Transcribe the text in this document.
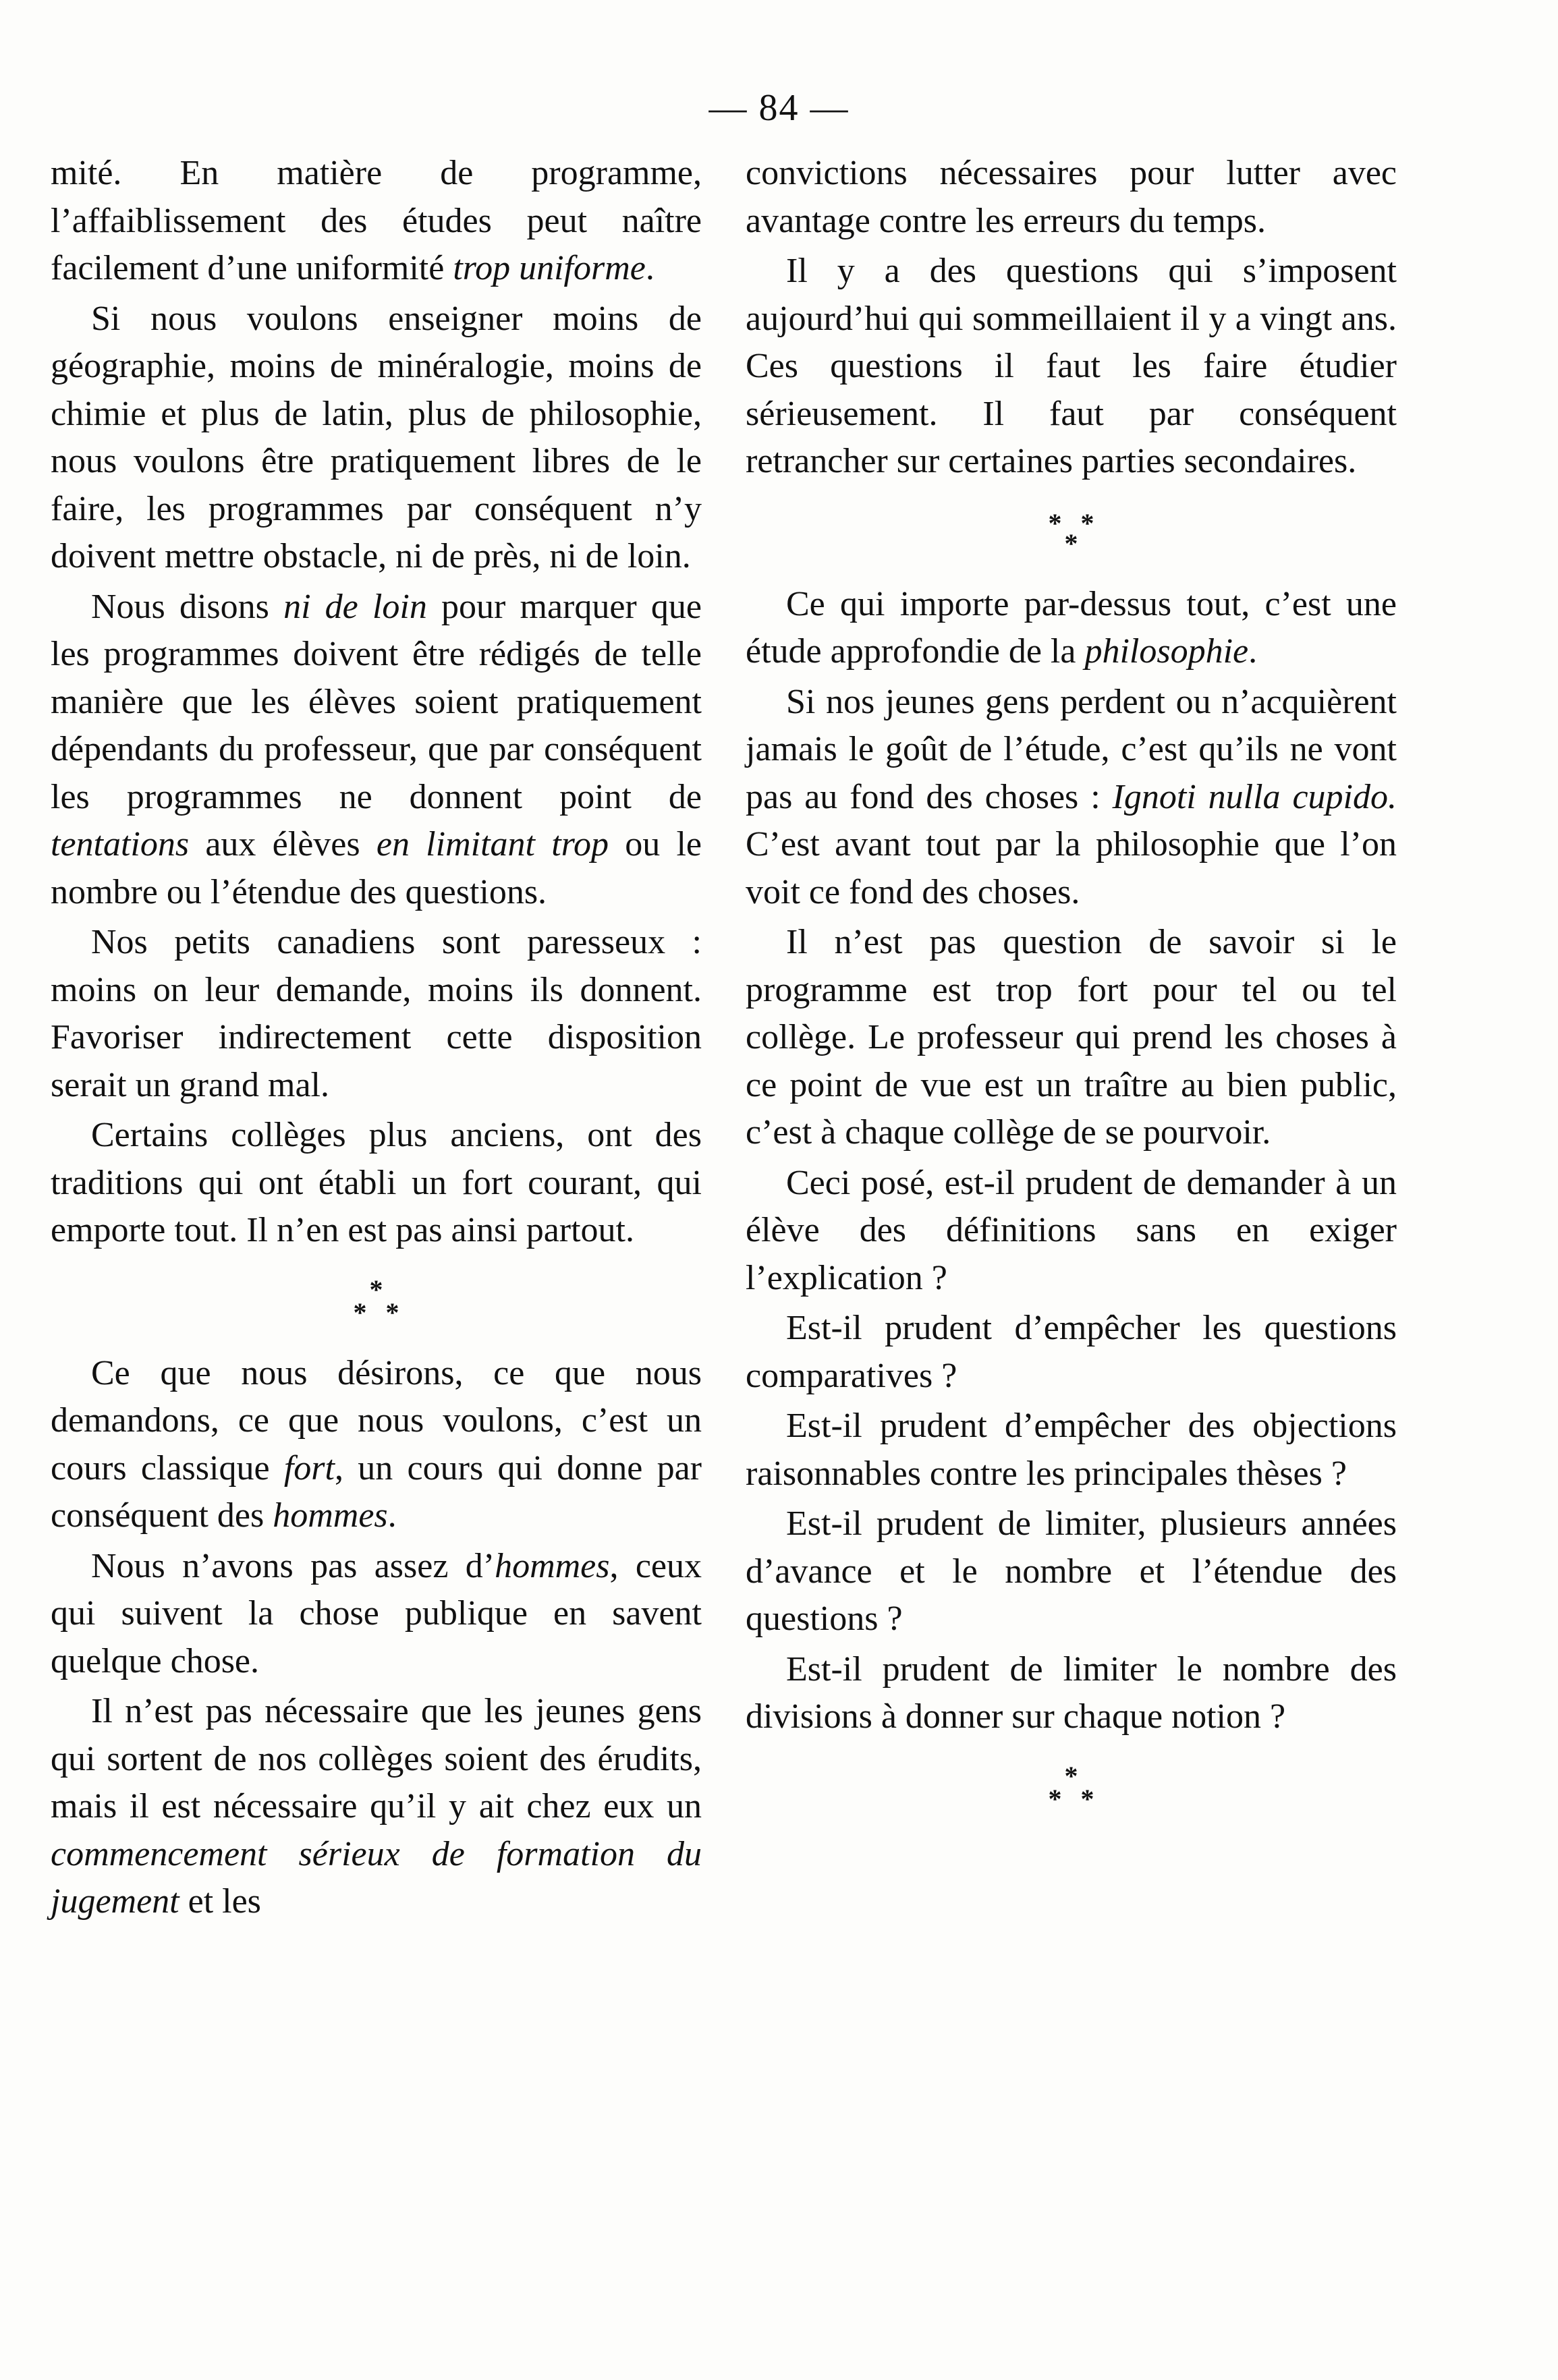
— 84 —

mité. En matière de programme, l’affaiblissement des études peut naître facilement d’une uniformité trop uniforme.

Si nous voulons enseigner moins de géographie, moins de minéralogie, moins de chimie et plus de latin, plus de philosophie, nous voulons être pratiquement libres de le faire, les programmes par conséquent n’y doivent mettre obstacle, ni de près, ni de loin.

Nous disons ni de loin pour marquer que les programmes doivent être rédigés de telle manière que les élèves soient pratiquement dépendants du professeur, que par conséquent les programmes ne donnent point de tentations aux élèves en limitant trop ou le nombre ou l’étendue des questions.

Nos petits canadiens sont paresseux : moins on leur demande, moins ils donnent. Favoriser indirectement cette disposition serait un grand mal.

Certains collèges plus anciens, ont des traditions qui ont établi un fort courant, qui emporte tout. Il n’en est pas ainsi partout.

*
* *

Ce que nous désirons, ce que nous demandons, ce que nous voulons, c’est un cours classique fort, un cours qui donne par conséquent des hommes.

Nous n’avons pas assez d’hommes, ceux qui suivent la chose publique en savent quelque chose.

Il n’est pas nécessaire que les jeunes gens qui sortent de nos collèges soient des érudits, mais il est nécessaire qu’il y ait chez eux un commencement sérieux de formation du jugement et les

convictions nécessaires pour lutter avec avantage contre les erreurs du temps.

Il y a des questions qui s’imposent aujourd’hui qui sommeillaient il y a vingt ans. Ces questions il faut les faire étudier sérieusement. Il faut par conséquent retrancher sur certaines parties secondaires.

*
* *

Ce qui importe par-dessus tout, c’est une étude approfondie de la philosophie.

Si nos jeunes gens perdent ou n’acquièrent jamais le goût de l’étude, c’est qu’ils ne vont pas au fond des choses : Ignoti nulla cupido. C’est avant tout par la philosophie que l’on voit ce fond des choses.

Il n’est pas question de savoir si le programme est trop fort pour tel ou tel collège. Le professeur qui prend les choses à ce point de vue est un traître au bien public, c’est à chaque collège de se pourvoir.

Ceci posé, est-il prudent de demander à un élève des définitions sans en exiger l’explication ?

Est-il prudent d’empêcher les questions comparatives ?

Est-il prudent d’empêcher des objections raisonnables contre les principales thèses ?

Est-il prudent de limiter, plusieurs années d’avance et le nombre et l’étendue des questions ?

Est-il prudent de limiter le nombre des divisions à donner sur chaque notion ?

*
* *
